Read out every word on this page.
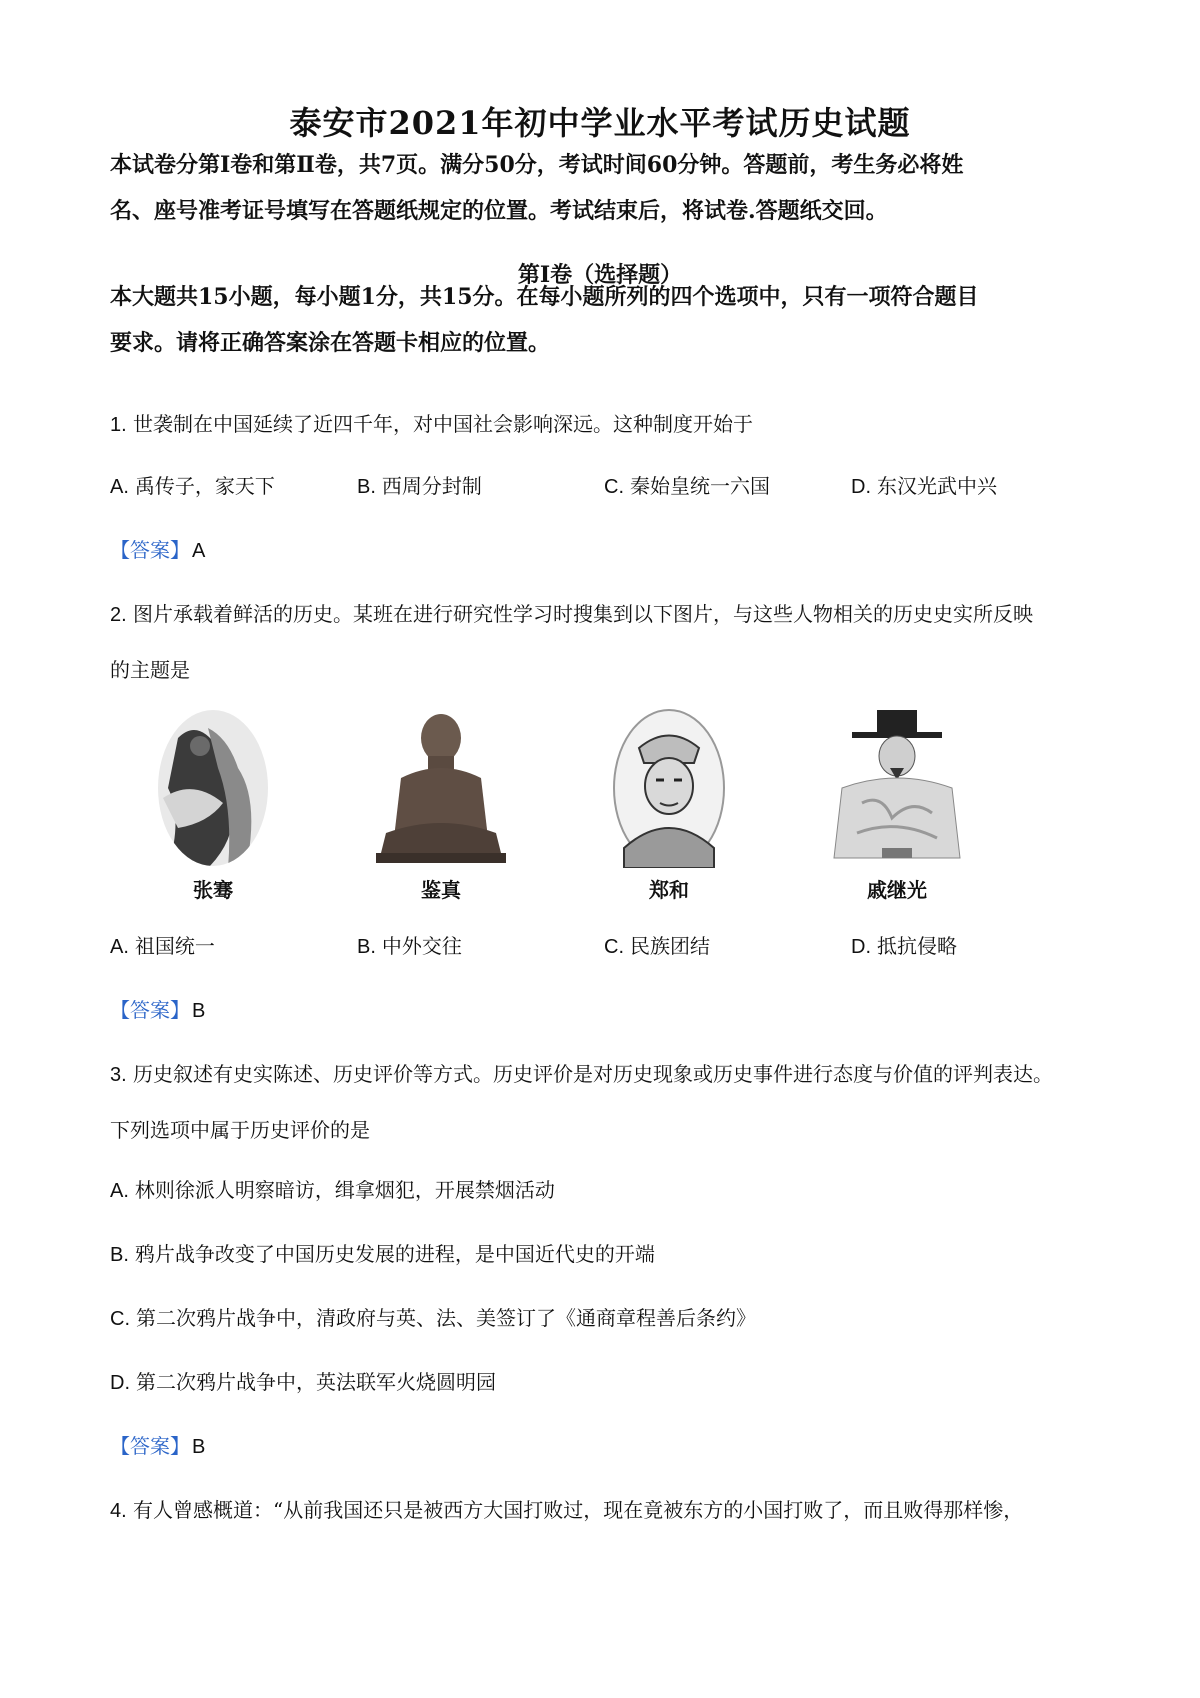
泰安市2021年初中学业水平考试历史试题
本试卷分第Ⅰ卷和第Ⅱ卷，共7页。满分50分，考试时间60分钟。答题前，考生务必将姓
名、座号准考证号填写在答题纸规定的位置。考试结束后，将试卷.答题纸交回。
第Ⅰ卷（选择题）
本大题共15小题，每小题1分，共15分。在每小题所列的四个选项中，只有一项符合题目
要求。请将正确答案涂在答题卡相应的位置。
1. 世袭制在中国延续了近四千年，对中国社会影响深远。这种制度开始于
A. 禹传子，家天下	B. 西周分封制	C. 秦始皇统一六国	D. 东汉光武中兴
【答案】 A
2. 图片承载着鲜活的历史。某班在进行研究性学习时搜集到以下图片，与这些人物相关的历史史实所反映
的主题是
张骞	鉴真	郑和	戚继光
A. 祖国统一	B. 中外交往	C. 民族团结	D. 抵抗侵略
【答案】 B
3. 历史叙述有史实陈述、历史评价等方式。历史评价是对历史现象或历史事件进行态度与价值的评判表达。
下列选项中属于历史评价的是
A. 林则徐派人明察暗访，缉拿烟犯，开展禁烟活动
B. 鸦片战争改变了中国历史发展的进程，是中国近代史的开端
C. 第二次鸦片战争中，清政府与英、法、美签订了《通商章程善后条约》
D. 第二次鸦片战争中，英法联军火烧圆明园
【答案】 B
4. 有人曾感概道：“从前我国还只是被西方大国打败过，现在竟被东方的小国打败了，而且败得那样惨，
